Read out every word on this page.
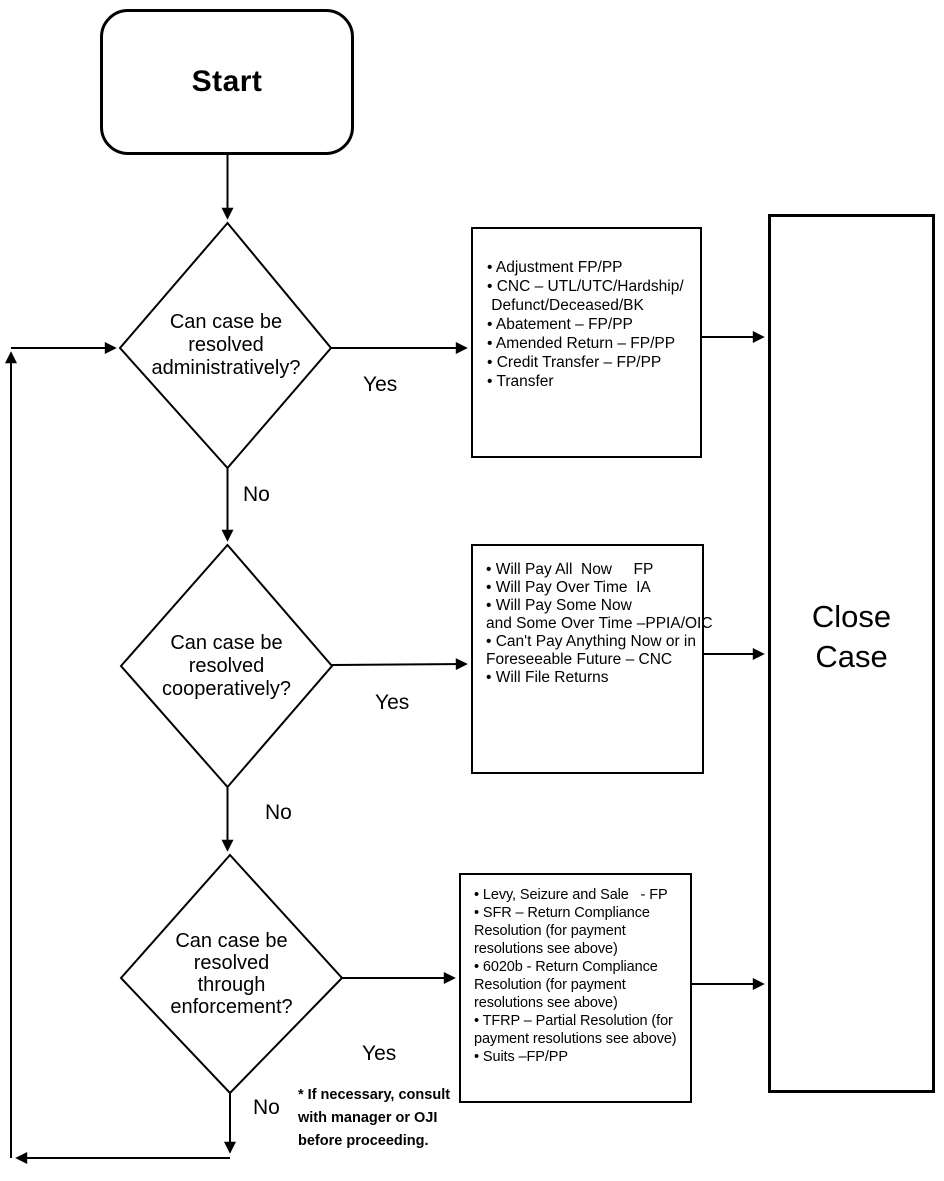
Start
Can case be
resolved
administratively?
Can case be
resolved
cooperatively?
Can case be
resolved
through
enforcement?
• Adjustment FP/PP
• CNC – UTL/UTC/Hardship/
Defunct/Deceased/BK
• Abatement – FP/PP
• Amended Return – FP/PP
• Credit Transfer – FP/PP
• Transfer
• Will Pay All  Now     FP
• Will Pay Over Time  IA
• Will Pay Some Now
and Some Over Time –PPIA/OIC
• Can't Pay Anything Now or in
Foreseeable Future – CNC
• Will File Returns
• Levy, Seizure and Sale   - FP
• SFR – Return Compliance
Resolution (for payment
resolutions see above)
• 6020b - Return Compliance
Resolution (for payment
resolutions see above)
• TFRP – Partial Resolution (for
payment resolutions see above)
• Suits –FP/PP
Close
Case
Yes
No
Yes
No
Yes
No
* If necessary, consult
with manager or OJI
before proceeding.
